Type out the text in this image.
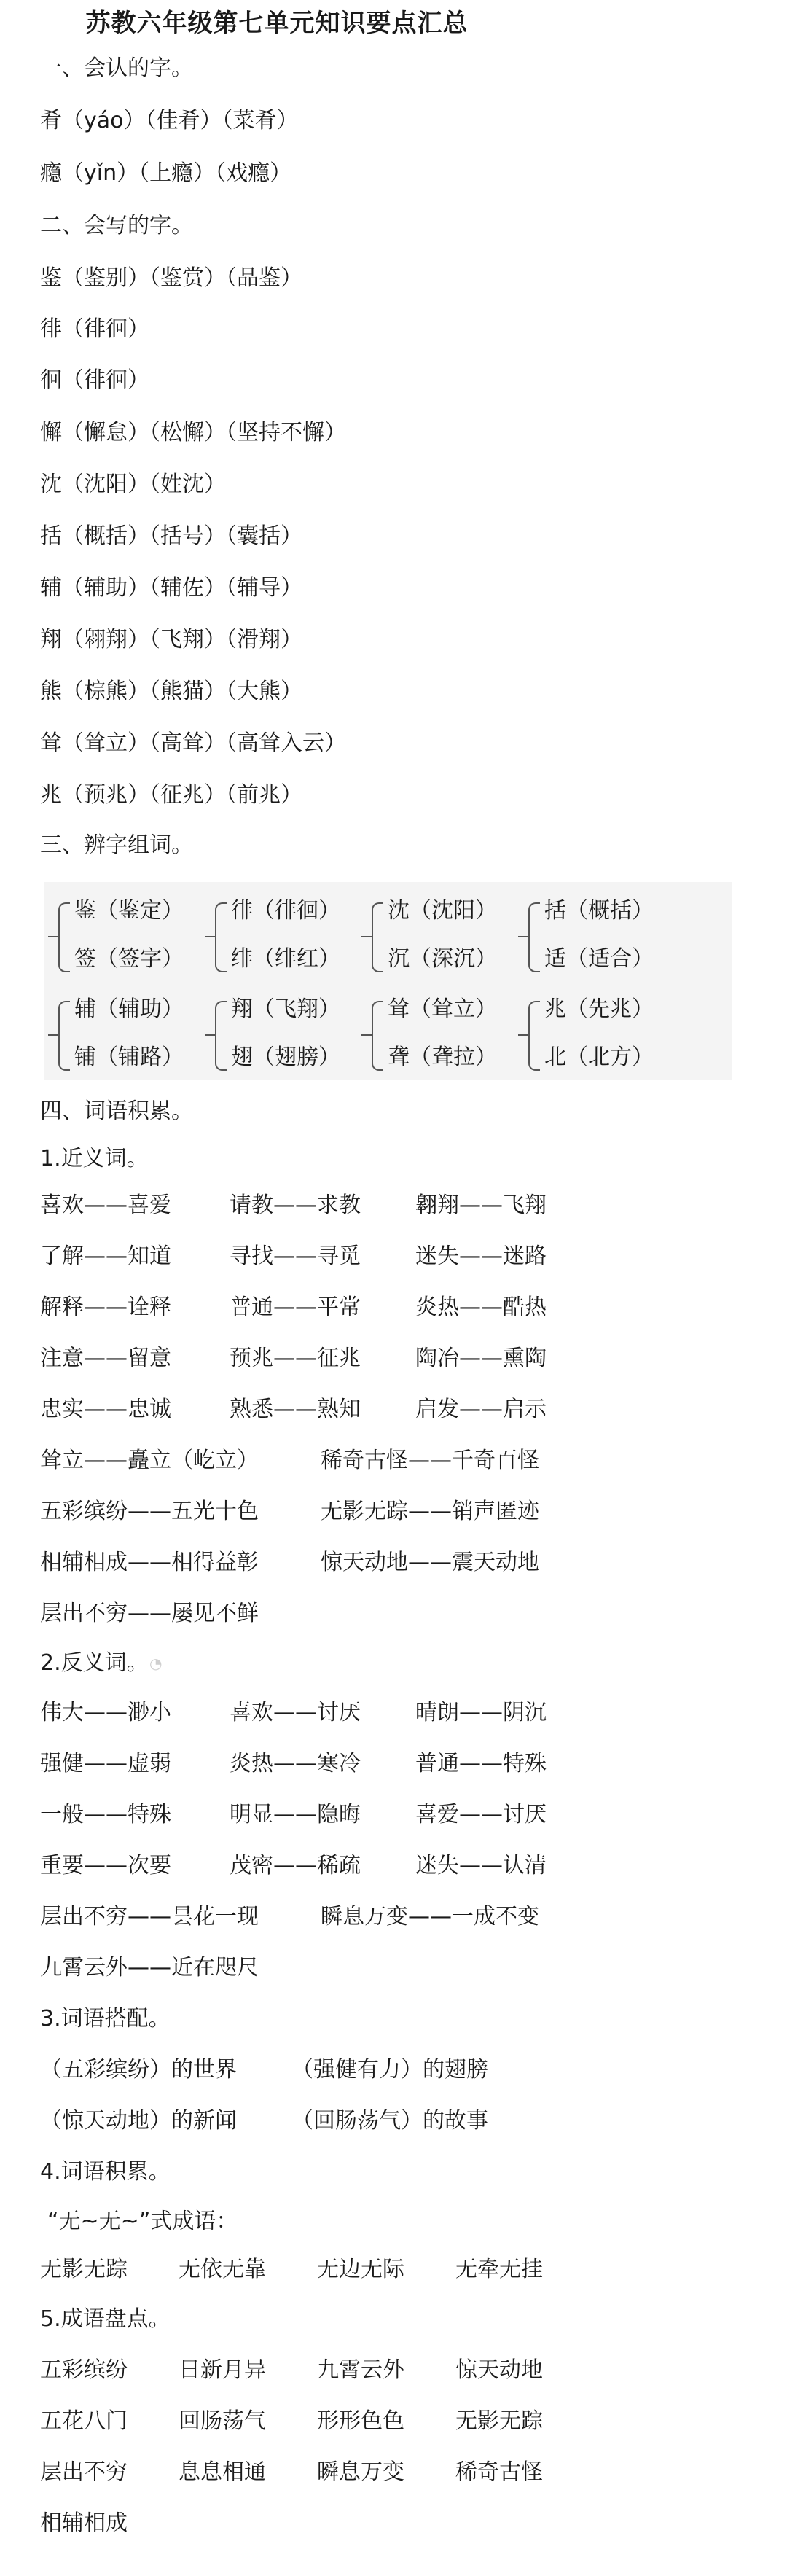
苏教六年级第七单元知识要点汇总
一、会认的字。
肴（yáo）（佳肴）（菜肴）
瘾（yǐn）（上瘾）（戏瘾）
二、会写的字。
鉴（鉴别）（鉴赏）（品鉴）
徘（徘徊）
徊（徘徊）
懈（懈怠）（松懈）（坚持不懈）
沈（沈阳）（姓沈）
括（概括）（括号）（囊括）
辅（辅助）（辅佐）（辅导）
翔（翱翔）（飞翔）（滑翔）
熊（棕熊）（熊猫）（大熊）
耸（耸立）（高耸）（高耸入云）
兆（预兆）（征兆）（前兆）
三、辨字组词。
鉴（鉴定）
签（签字）
徘（徘徊）
绯（绯红）
沈（沈阳）
沉（深沉）
括（概括）
适（适合）
辅（辅助）
铺（铺路）
翔（飞翔）
翅（翅膀）
耸（耸立）
聋（聋拉）
兆（先兆）
北（北方）
四、词语积累。
1.近义词。
喜欢——喜爱	请教——求教	翱翔——飞翔
了解——知道	寻找——寻觅	迷失——迷路
解释——诠释	普通——平常	炎热——酷热
注意——留意	预兆——征兆	陶冶——熏陶
忠实——忠诚	熟悉——熟知	启发——启示
耸立——矗立（屹立）	稀奇古怪——千奇百怪
五彩缤纷——五光十色	无影无踪——销声匿迹
相辅相成——相得益彰	惊天动地——震天动地
层出不穷——屡见不鲜
2.反义词。 ◔
伟大——渺小	喜欢——讨厌	晴朗——阴沉
强健——虚弱	炎热——寒冷	普通——特殊
一般——特殊	明显——隐晦	喜爱——讨厌
重要——次要	茂密——稀疏	迷失——认清
层出不穷——昙花一现	瞬息万变——一成不变
九霄云外——近在咫尺
3.词语搭配。
（五彩缤纷）的世界	（强健有力）的翅膀
（惊天动地）的新闻	（回肠荡气）的故事
4.词语积累。
“无~无~”式成语：
无影无踪 无依无靠 无边无际 无牵无挂
5.成语盘点。
五彩缤纷 日新月异 九霄云外 惊天动地
五花八门 回肠荡气 形形色色 无影无踪
层出不穷 息息相通 瞬息万变 稀奇古怪
相辅相成
